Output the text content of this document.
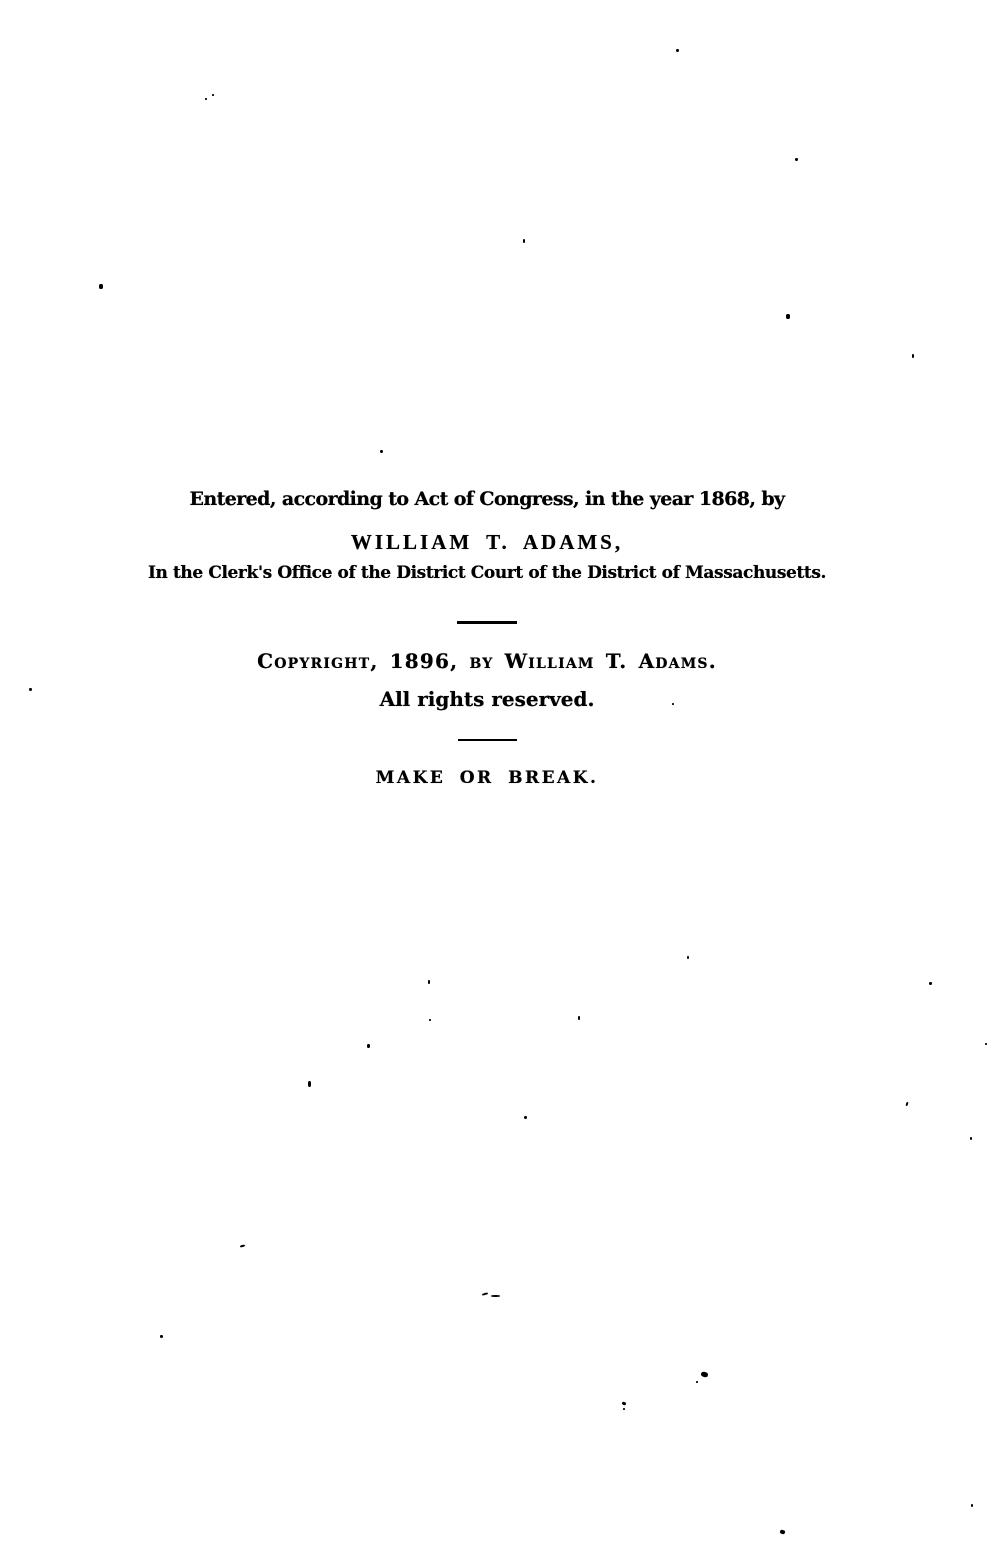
Entered, according to Act of Congress, in the year 1868, by
WILLIAM T. ADAMS,
In the Clerk's Office of the District Court of the District of Massachusetts.
Copyright, 1896, by William T. Adams.
All rights reserved.
MAKE OR BREAK.
